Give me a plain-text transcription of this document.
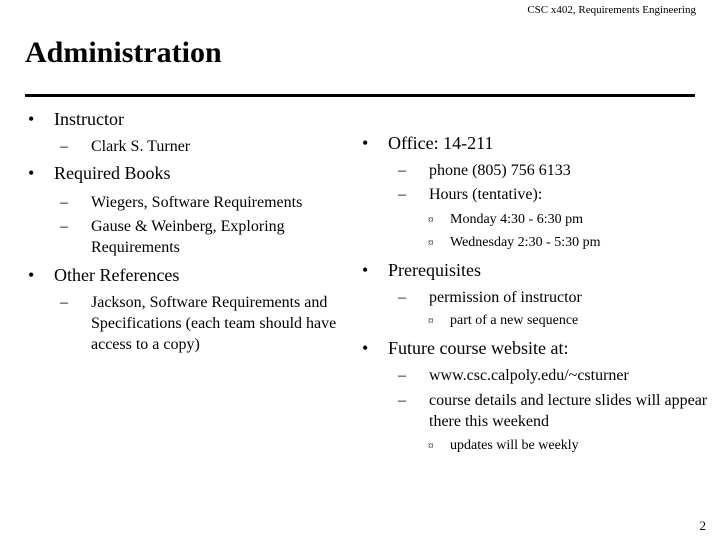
CSC x402, Requirements Engineering
Administration
• Instructor
– Clark S. Turner
• Required Books
– Wiegers, Software Requirements
– Gause & Weinberg, Exploring Requirements
• Other References
– Jackson, Software Requirements and Specifications (each team should have access to a copy)
• Office: 14-211
– phone (805) 756 6133
– Hours (tentative):
¤ Monday 4:30 - 6:30 pm
¤ Wednesday 2:30 - 5:30 pm
• Prerequisites
– permission of instructor
¤ part of a new sequence
• Future course website at:
– www.csc.calpoly.edu/~csturner
– course details and lecture slides will appear there this weekend
¤ updates will be weekly
2
